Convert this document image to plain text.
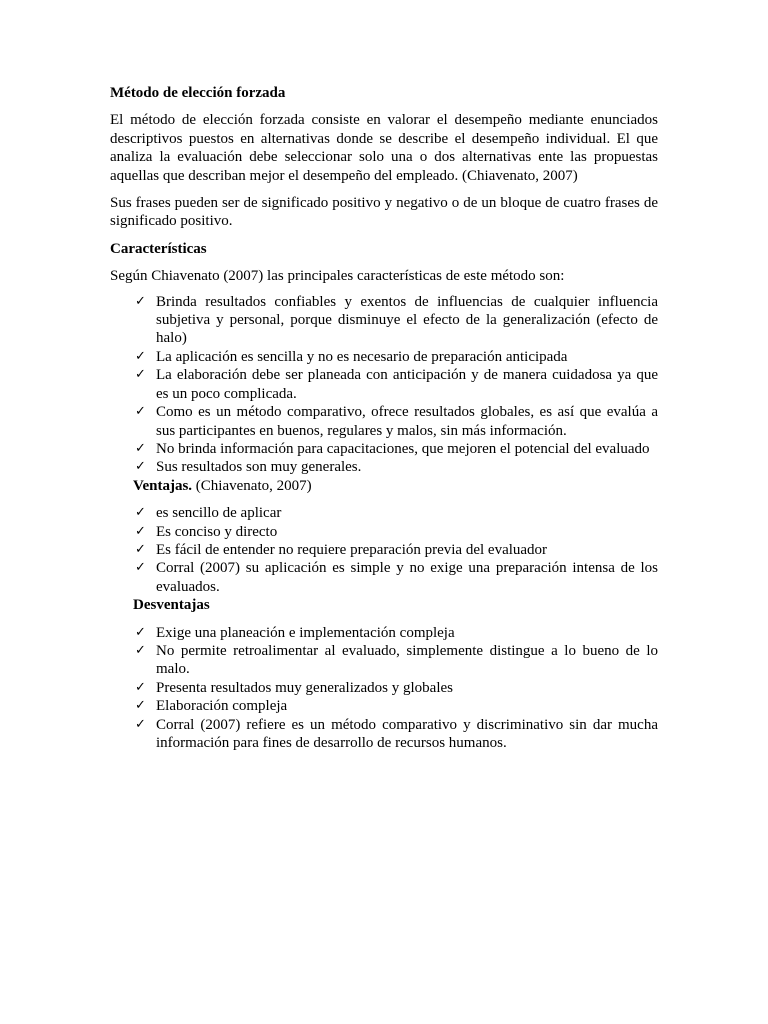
Método de elección forzada

El método de elección forzada consiste en valorar el desempeño mediante enunciados descriptivos puestos en alternativas donde se describe el desempeño individual. El que analiza la evaluación debe seleccionar solo una o dos alternativas ente las propuestas aquellas que describan mejor el desempeño del empleado. (Chiavenato, 2007)

Sus frases pueden ser de significado positivo y negativo o de un bloque de cuatro frases de significado positivo.

Características

Según Chiavenato (2007) las principales características de este método son:

✓ Brinda resultados confiables y exentos de influencias de cualquier influencia subjetiva y personal, porque disminuye el efecto de la generalización (efecto de halo)
✓ La aplicación es sencilla y no es necesario de preparación anticipada
✓ La elaboración debe ser planeada con anticipación y de manera cuidadosa ya que es un poco complicada.
✓ Como es un método comparativo, ofrece resultados globales, es así que evalúa a sus participantes en buenos, regulares y malos, sin más información.
✓ No brinda información para capacitaciones, que mejoren el potencial del evaluado
✓ Sus resultados son muy generales.

Ventajas. (Chiavenato, 2007)

✓ es sencillo de aplicar
✓ Es conciso y directo
✓ Es fácil de entender no requiere preparación previa del evaluador
✓ Corral (2007) su aplicación es simple y no exige una preparación intensa de los evaluados.
Desventajas
✓ Exige una planeación e implementación compleja
✓ No permite retroalimentar al evaluado, simplemente distingue a lo bueno de lo malo.
✓ Presenta resultados muy generalizados y globales
✓ Elaboración compleja
✓ Corral (2007) refiere es un método comparativo y discriminativo sin dar mucha información para fines de desarrollo de recursos humanos.
